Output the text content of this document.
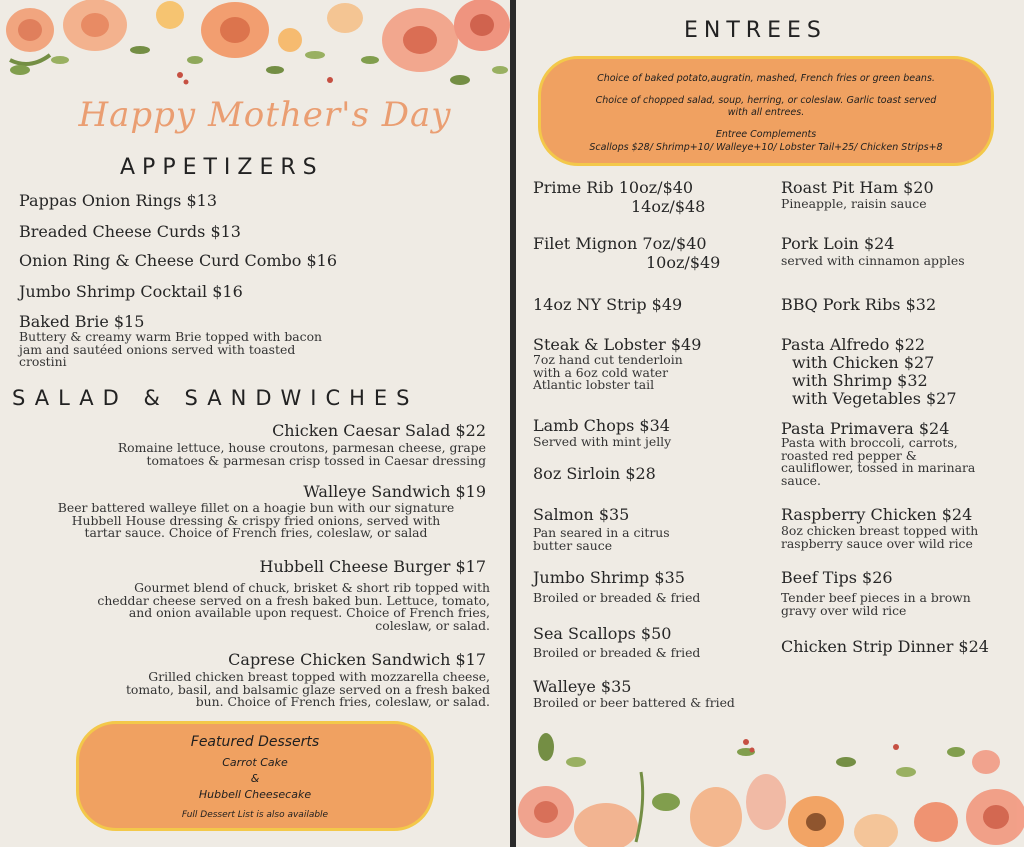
Happy Mother's Day
APPETIZERS
Pappas Onion Rings $13
Breaded Cheese Curds $13
Onion Ring & Cheese Curd Combo $16
Jumbo Shrimp Cocktail $16
Baked Brie $15
Buttery & creamy warm Brie topped with bacon
jam and sautéed onions served with toasted
crostini
SALAD & SANDWICHES
Chicken Caesar Salad $22
Romaine lettuce, house croutons, parmesan cheese, grape
tomatoes & parmesan crisp tossed in Caesar dressing
Walleye Sandwich $19
Beer battered walleye fillet on a hoagie bun with our signature
Hubbell House dressing & crispy fried onions, served with
tartar sauce. Choice of French fries, coleslaw, or salad
Hubbell Cheese Burger $17
Gourmet blend of chuck, brisket & short rib topped with
cheddar cheese served on a fresh baked bun. Lettuce, tomato,
and onion available upon request. Choice of French fries,
coleslaw, or salad.
Caprese Chicken Sandwich $17
Grilled chicken breast topped with mozzarella cheese,
tomato, basil, and balsamic glaze served on a fresh baked
bun. Choice of French fries, coleslaw, or salad.
Featured Desserts
Carrot Cake
&
Hubbell Cheesecake
Full Dessert List is also available
ENTREES
Choice of baked potato,augratin, mashed, French fries or green beans.
Choice of chopped salad, soup, herring, or coleslaw. Garlic toast served
with all entrees.
Entree Complements
Scallops $28/ Shrimp+10/ Walleye+10/ Lobster Tail+25/ Chicken Strips+8
Prime Rib 10oz/$40
14oz/$48
Filet Mignon 7oz/$40
10oz/$49
14oz NY Strip $49
Steak & Lobster $49
7oz hand cut tenderloin
with a 6oz cold water
Atlantic lobster tail
Lamb Chops $34
Served with mint jelly
8oz Sirloin $28
Salmon $35
Pan seared in a citrus
butter sauce
Jumbo Shrimp $35
Broiled or breaded & fried
Sea Scallops $50
Broiled or breaded & fried
Walleye $35
Broiled or beer battered & fried
Roast Pit Ham $20
Pineapple, raisin sauce
Pork Loin $24
served with cinnamon apples
BBQ Pork Ribs $32
Pasta Alfredo $22
with Chicken $27
with Shrimp $32
with Vegetables $27
Pasta Primavera $24
Pasta with broccoli, carrots,
roasted red pepper &
cauliflower, tossed in marinara
sauce.
Raspberry Chicken $24
8oz chicken breast topped with
raspberry sauce over wild rice
Beef Tips $26
Tender beef pieces in a brown
gravy over wild rice
Chicken Strip Dinner $24
